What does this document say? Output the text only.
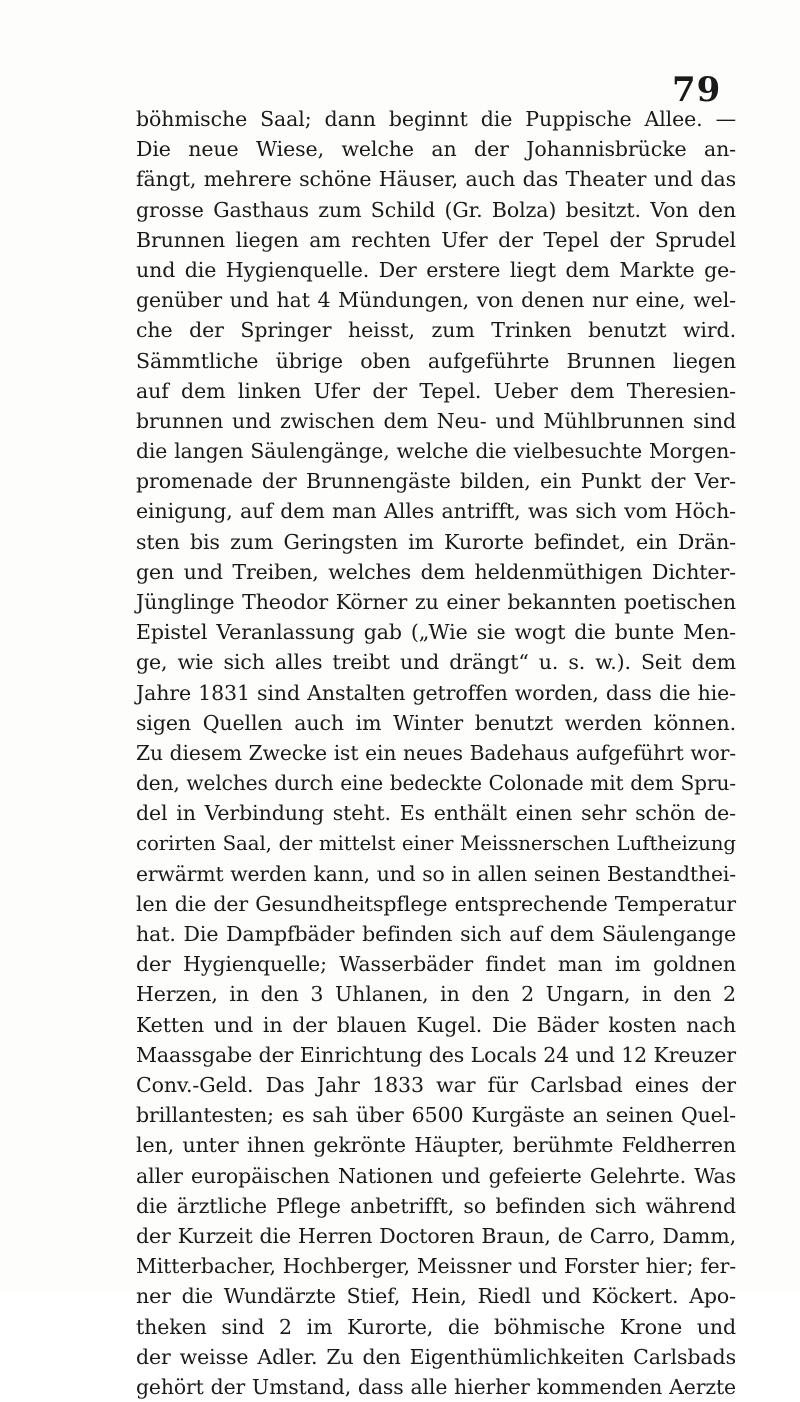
79
böhmische Saal; dann beginnt die Puppische Allee. —
Die neue Wiese, welche an der Johannisbrücke an-
fängt, mehrere schöne Häuser, auch das Theater und das
grosse Gasthaus zum Schild (Gr. Bolza) besitzt. Von den
Brunnen liegen am rechten Ufer der Tepel der Sprudel
und die Hygienquelle. Der erstere liegt dem Markte ge-
genüber und hat 4 Mündungen, von denen nur eine, wel-
che der Springer heisst, zum Trinken benutzt wird.
Sämmtliche übrige oben aufgeführte Brunnen liegen
auf dem linken Ufer der Tepel. Ueber dem Theresien-
brunnen und zwischen dem Neu- und Mühlbrunnen sind
die langen Säulengänge, welche die vielbesuchte Morgen-
promenade der Brunnengäste bilden, ein Punkt der Ver-
einigung, auf dem man Alles antrifft, was sich vom Höch-
sten bis zum Geringsten im Kurorte befindet, ein Drän-
gen und Treiben, welches dem heldenmüthigen Dichter-
Jünglinge Theodor Körner zu einer bekannten poetischen
Epistel Veranlassung gab („Wie sie wogt die bunte Men-
ge, wie sich alles treibt und drängt“ u. s. w.). Seit dem
Jahre 1831 sind Anstalten getroffen worden, dass die hie-
sigen Quellen auch im Winter benutzt werden können.
Zu diesem Zwecke ist ein neues Badehaus aufgeführt wor-
den, welches durch eine bedeckte Colonade mit dem Spru-
del in Verbindung steht. Es enthält einen sehr schön de-
corirten Saal, der mittelst einer Meissnerschen Luftheizung
erwärmt werden kann, und so in allen seinen Bestandthei-
len die der Gesundheitspflege entsprechende Temperatur
hat. Die Dampfbäder befinden sich auf dem Säulengange
der Hygienquelle; Wasserbäder findet man im goldnen
Herzen, in den 3 Uhlanen, in den 2 Ungarn, in den 2
Ketten und in der blauen Kugel. Die Bäder kosten nach
Maassgabe der Einrichtung des Locals 24 und 12 Kreuzer
Conv.-Geld. Das Jahr 1833 war für Carlsbad eines der
brillantesten; es sah über 6500 Kurgäste an seinen Quel-
len, unter ihnen gekrönte Häupter, berühmte Feldherren
aller europäischen Nationen und gefeierte Gelehrte. Was
die ärztliche Pflege anbetrifft, so befinden sich während
der Kurzeit die Herren Doctoren Braun, de Carro, Damm,
Mitterbacher, Hochberger, Meissner und Forster hier; fer-
ner die Wundärzte Stief, Hein, Riedl und Köckert. Apo-
theken sind 2 im Kurorte, die böhmische Krone und
der weisse Adler. Zu den Eigenthümlichkeiten Carlsbads
gehört der Umstand, dass alle hierher kommenden Aerzte
